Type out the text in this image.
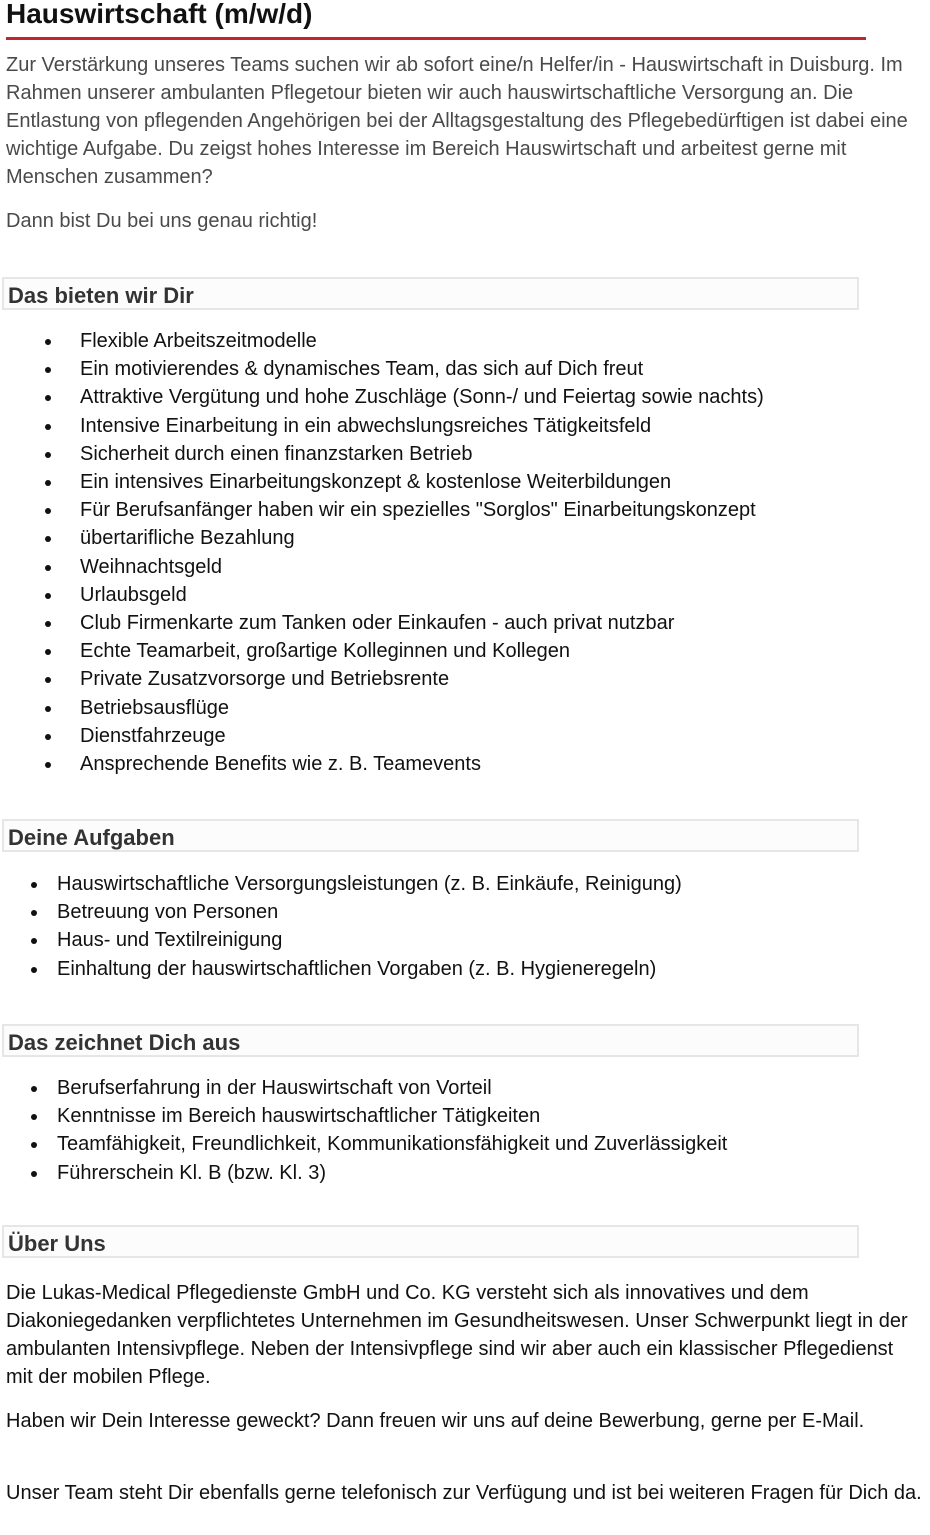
Hauswirtschaft (m/w/d)

Zur Verstärkung unseres Teams suchen wir ab sofort eine/n Helfer/in - Hauswirtschaft in Duisburg. Im Rahmen unserer ambulanten Pflegetour bieten wir auch hauswirtschaftliche Versorgung an. Die Entlastung von pflegenden Angehörigen bei der Alltagsgestaltung des Pflegebedürftigen ist dabei eine wichtige Aufgabe. Du zeigst hohes Interesse im Bereich Hauswirtschaft und arbeitest gerne mit Menschen zusammen?

Dann bist Du bei uns genau richtig!

Das bieten wir Dir
Flexible Arbeitszeitmodelle
Ein motivierendes & dynamisches Team, das sich auf Dich freut
Attraktive Vergütung und hohe Zuschläge (Sonn-/ und Feiertag sowie nachts)
Intensive Einarbeitung in ein abwechslungsreiches Tätigkeitsfeld
Sicherheit durch einen finanzstarken Betrieb
Ein intensives Einarbeitungskonzept & kostenlose Weiterbildungen
Für Berufsanfänger haben wir ein spezielles "Sorglos" Einarbeitungskonzept
übertarifliche Bezahlung
Weihnachtsgeld
Urlaubsgeld
Club Firmenkarte zum Tanken oder Einkaufen - auch privat nutzbar
Echte Teamarbeit, großartige Kolleginnen und Kollegen
Private Zusatzvorsorge und Betriebsrente
Betriebsausflüge
Dienstfahrzeuge
Ansprechende Benefits wie z. B. Teamevents
Deine Aufgaben
Hauswirtschaftliche Versorgungsleistungen (z. B. Einkäufe, Reinigung)
Betreuung von Personen
Haus- und Textilreinigung
Einhaltung der hauswirtschaftlichen Vorgaben (z. B. Hygieneregeln)
Das zeichnet Dich aus
Berufserfahrung in der Hauswirtschaft von Vorteil
Kenntnisse im Bereich hauswirtschaftlicher Tätigkeiten
Teamfähigkeit, Freundlichkeit, Kommunikationsfähigkeit und Zuverlässigkeit
Führerschein Kl. B (bzw. Kl. 3)
Über Uns

Die Lukas-Medical Pflegedienste GmbH und Co. KG versteht sich als innovatives und dem Diakoniegedanken verpflichtetes Unternehmen im Gesundheitswesen. Unser Schwerpunkt liegt in der ambulanten Intensivpflege. Neben der Intensivpflege sind wir aber auch ein klassischer Pflegedienst mit der mobilen Pflege.

Haben wir Dein Interesse geweckt? Dann freuen wir uns auf deine Bewerbung, gerne per E-Mail.

Unser Team steht Dir ebenfalls gerne telefonisch zur Verfügung und ist bei weiteren Fragen für Dich da.
